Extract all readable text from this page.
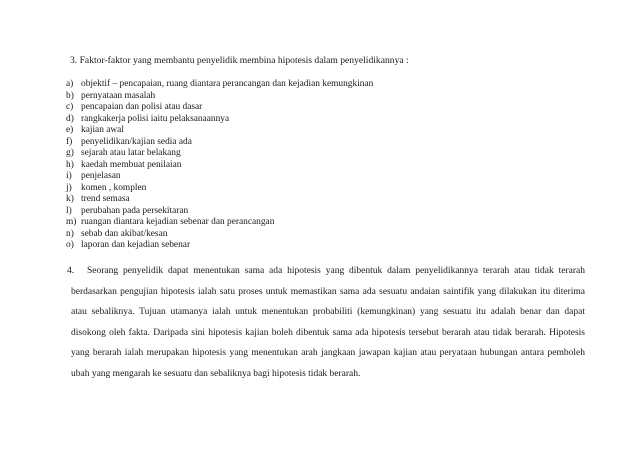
3. Faktor-faktor yang membantu penyelidik membina hipotesis dalam penyelidikannya :
a) objektif – pencapaian, ruang diantara perancangan dan kejadian kemungkinan
b) pernyataan masalah
c) pencapaian dan polisi atau dasar
d) rangkakerja polisi iaitu pelaksanaannya
e) kajian awal
f) penyelidikan/kajian sedia ada
g) sejarah atau latar belakang
h) kaedah membuat penilaian
i) penjelasan
j) komen , komplen
k) trend semasa
l) perubahan pada persekitaran
m) ruangan diantara kejadian sebenar dan perancangan
n) sebab dan akibat/kesan
o) laporan dan kejadian sebenar
4.	Seorang penyelidik dapat menentukan sama ada hipotesis yang dibentuk dalam penyelidikannya terarah atau tidak terarah berdasarkan pengujian hipotesis ialah satu proses untuk memastikan sama ada sesuatu andaian saintifik yang dilakukan itu diterima atau sebaliknya. Tujuan utamanya ialah untuk menentukan probabiliti (kemungkinan) yang sesuatu itu adalah benar dan dapat disokong oleh fakta. Daripada sini hipotesis kajian boleh dibentuk sama ada hipotesis tersebut berarah atau tidak berarah. Hipotesis yang berarah ialah merupakan hipotesis yang menentukan arah jangkaan jawapan kajian atau peryataan hubungan antara pemboleh ubah yang mengarah ke sesuatu dan sebaliknya bagi hipotesis tidak berarah.
